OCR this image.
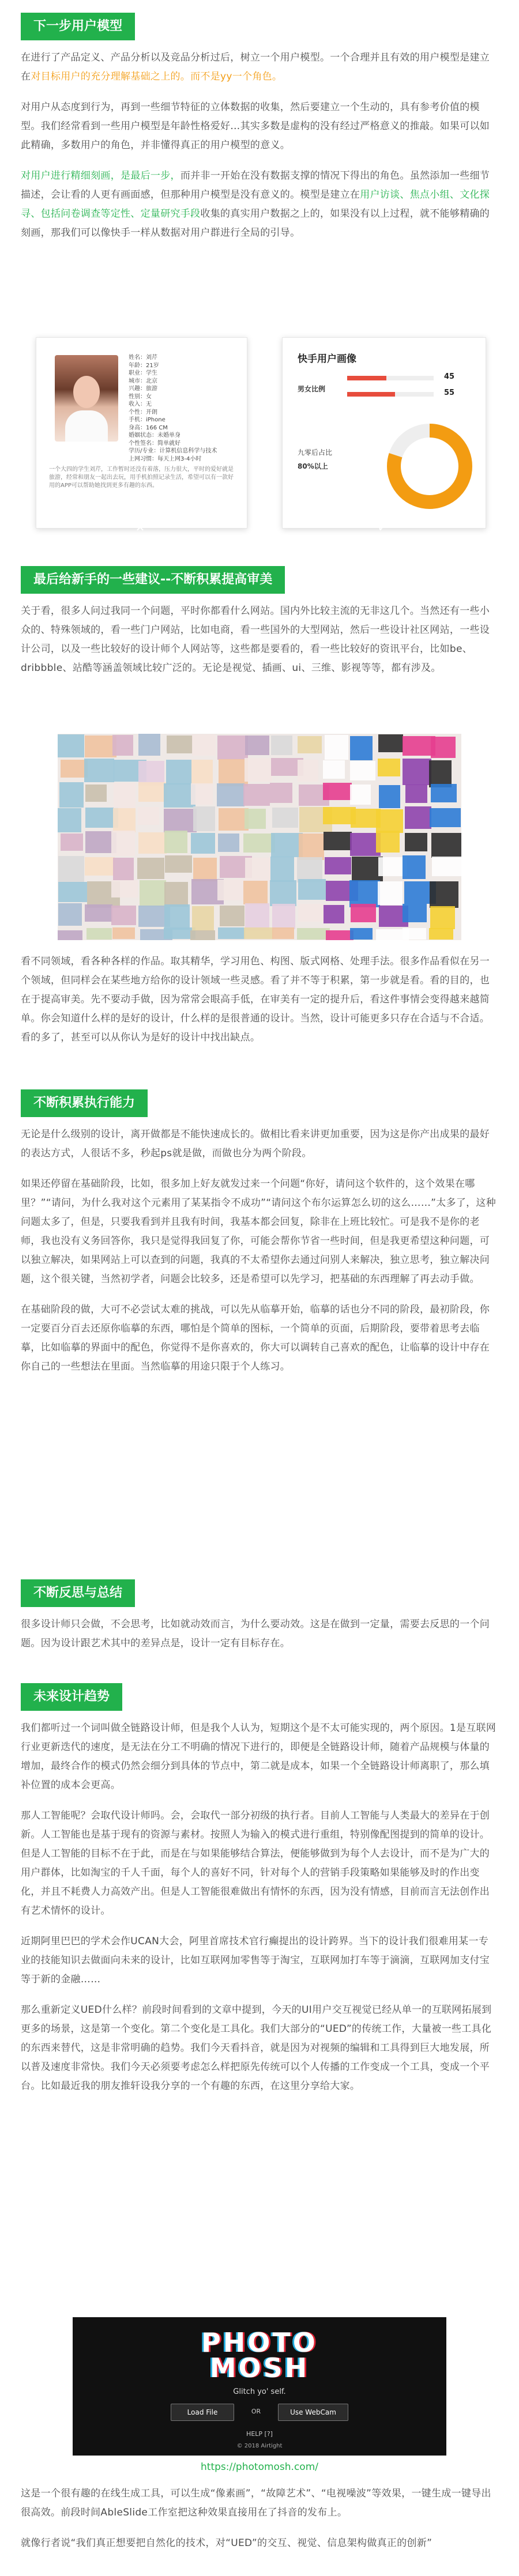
下一步用户模型

在进行了产品定义、产品分析以及竞品分析过后，树立一个用户模型。一个合理并且有效的用户模型是建立在对目标用户的充分理解基础之上的。而不是yy一个角色。

对用户从态度到行为，再到一些细节特征的立体数据的收集，然后要建立一个生动的，具有参考价值的模型。我们经常看到一些用户模型是年龄性格爱好…其实多数是虚构的没有经过严格意义的推敲。如果可以如此精确，多数用户的角色，并非懂得真正的用户模型的意义。

对用户进行精细刻画，是最后一步，而并非一开始在没有数据支撑的情况下得出的角色。虽然添加一些细节描述，会让看的人更有画面感，但那种用户模型是没有意义的。模型是建立在用户访谈、焦点小组、文化探寻、包括问卷调查等定性、定量研究手段收集的真实用户数据之上的，如果没有以上过程，就不能够精确的刻画，那我们可以像快手一样从数据对用户群进行全局的引导。

姓名：刘芹
年龄：21岁
职业：学生
城市：北京
兴趣：旅游
性别：女
收入：无
个性：开朗
手机：iPhone
身高：166 CM
婚姻状态：未婚单身
个性签名：简单就好
学历/专业：计算机信息科学与技术
上网习惯：每天上网3-4小时
一个大四的学生刘芹，工作暂时还没有着落，压力很大，平时的爱好就是旅游，经常和朋友一起出去玩，用手机拍照记录生活，希望可以有一款好用的APP可以帮助她找到更多有趣的东西。
✕
快手用户画像
男女比例
45
55
九零后占比
80%以上
✓
最后给新手的一些建议--不断积累提高审美

关于看，很多人问过我同一个问题，平时你都看什么网站。国内外比较主流的无非这几个。当然还有一些小众的、特殊领域的，看一些门户网站，比如电商，看一些国外的大型网站，然后一些设计社区网站，一些设计公司，以及一些比较好的设计师个人网站等，这些都是要看的，看一些比较好的资讯平台，比如be、dribbble、站酷等涵盖领域比较广泛的。无论是视觉、插画、ui、三维、影视等等，都有涉及。

看不同领域，看各种各样的作品。取其精华，学习用色、构图、版式网格、处理手法。很多作品看似在另一个领域，但同样会在某些地方给你的设计领域一些灵感。看了并不等于积累，第一步就是看。看的目的，也在于提高审美。先不要动手做，因为常常会眼高手低，在审美有一定的提升后，看这件事情会变得越来越简单。你会知道什么样的是好的设计，什么样的是很普通的设计。当然，设计可能更多只存在合适与不合适。看的多了，甚至可以从你认为是好的设计中找出缺点。

不断积累执行能力

无论是什么级别的设计，离开做都是不能快速成长的。做相比看来讲更加重要，因为这是你产出成果的最好的表达方式，人很话不多，秒起ps就是做，而做也分为两个阶段。

如果还停留在基础阶段，比如，很多加上好友就发过来一个问题“你好，请问这个软件的，这个效果在哪里？”“请问，为什么我对这个元素用了某某指令不成功”“请问这个布尔运算怎么切的这么……”太多了，这种问题太多了，但是，只要我看到并且我有时间，我基本都会回复，除非在上班比较忙。可是我不是你的老师，我也没有义务回答你，我只是觉得我回复了你，可能会帮你节省一些时间，但是我更希望这种问题，可以独立解决，如果网站上可以查到的问题，我真的不太希望你去通过问别人来解决，独立思考，独立解决问题，这个很关键，当然初学者，问题会比较多，还是希望可以先学习，把基础的东西理解了再去动手做。

在基础阶段的做，大可不必尝试太难的挑战，可以先从临摹开始，临摹的话也分不同的阶段，最初阶段，你一定要百分百去还原你临摹的东西，哪怕是个简单的图标，一个简单的页面，后期阶段，要带着思考去临摹，比如临摹的界面中的配色，你觉得不是你喜欢的，你大可以调转自己喜欢的配色，让临摹的设计中存在你自己的一些想法在里面。当然临摹的用途只限于个人练习。

不断反思与总结

很多设计师只会做，不会思考，比如就动效而言，为什么要动效。这是在做到一定量，需要去反思的一个问题。因为设计跟艺术其中的差异点是，设计一定有目标存在。

未来设计趋势

我们都听过一个词叫做全链路设计师，但是我个人认为，短期这个是不太可能实现的，两个原因。1是互联网行业更新迭代的速度，是无法在分工不明确的情况下进行的，即便是全链路设计师，随着产品规模与体量的增加，最终合作的模式仍然会细分到具体的节点中，第二就是成本，如果一个全链路设计师离职了，那么填补位置的成本会更高。

那人工智能呢？会取代设计师吗。会，会取代一部分初级的执行者。目前人工智能与人类最大的差异在于创新。人工智能也是基于现有的资源与素材。按照人为输入的模式进行重组，特别像配图提到的简单的设计。但是人工智能的目标不在于此，而是在与如果能够结合算法，便能够做到为每个人去设计，而不是为广大的用户群体，比如淘宝的千人千面，每个人的喜好不同，针对每个人的营销手段策略如果能够及时的作出变化，并且不耗费人力高效产出。但是人工智能很难做出有情怀的东西，因为没有情感，目前而言无法创作出有艺术情怀的设计。

近期阿里巴巴的学术会作UCAN大会，阿里首席技术官行癫提出的设计跨界。当下的设计我们很难用某一专业的技能知识去做面向未来的设计，比如互联网加零售等于淘宝，互联网加打车等于滴滴，互联网加支付宝等于新的金融……

那么重新定义UED什么样？前段时间看到的文章中提到，今天的UI用户交互视觉已经从单一的互联网拓展到更多的场景，这是第一个变化。第二个变化是工具化。我们大部分的“UED”的传统工作，大量被一些工具化的东西来替代，这是非常明确的趋势。我们今天看抖音，就是因为对视频的编辑和工具得到巨大地发展，所以普及速度非常快。我们今天必须要考虑怎么样把原先传统可以个人传播的工作变成一个工具，变成一个平台。比如最近我的朋友推轩设我分享的一个有趣的东西，在这里分享给大家。

PHOTO
MOSH
Glitch yo' self.
Load File	OR	Use WebCam
HELP [?]
© 2018 Airtight
https://photomosh.com/

这是一个很有趣的在线生成工具，可以生成“像素画”，“故障艺术”、“电视噪波”等效果，一键生成一键导出很高效。前段时间AbleSlide工作室把这种效果直接用在了抖音的发布上。

就像行者说“我们真正想要把自然化的技术，对“UED”的交互、视觉、信息架构做真正的创新”
